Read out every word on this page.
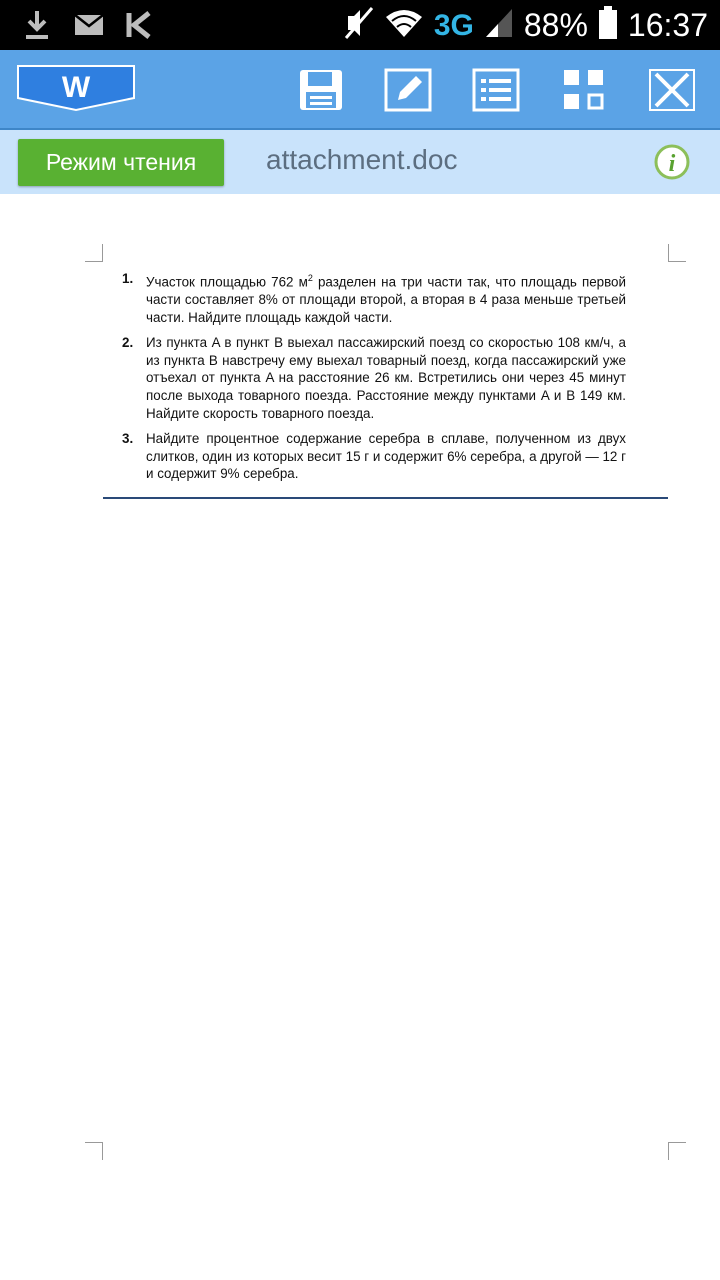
3G 88% 16:37
W
Режим чтения	attachment.doc	i
1. Участок площадью 762 $м^2$ разделен на три части так, что площадь первой части составляет 8% от площади второй, а вторая в 4 раза меньше третьей части. Найдите площадь каждой части.
2. Из пункта A в пункт B выехал пассажирский поезд со скоростью 108 км/ч, а из пункта B навстречу ему выехал товарный поезд, когда пассажирский уже отъехал от пункта A на расстояние 26 км. Встретились они через 45 минут после выхода товарного поезда. Расстояние между пунктами A и B 149 км. Найдите скорость товарного поезда.
3. Найдите процентное содержание серебра в сплаве, полученном из двух слитков, один из которых весит 15 г и содержит 6% серебра, а другой — 12 г и содержит 9% серебра.
